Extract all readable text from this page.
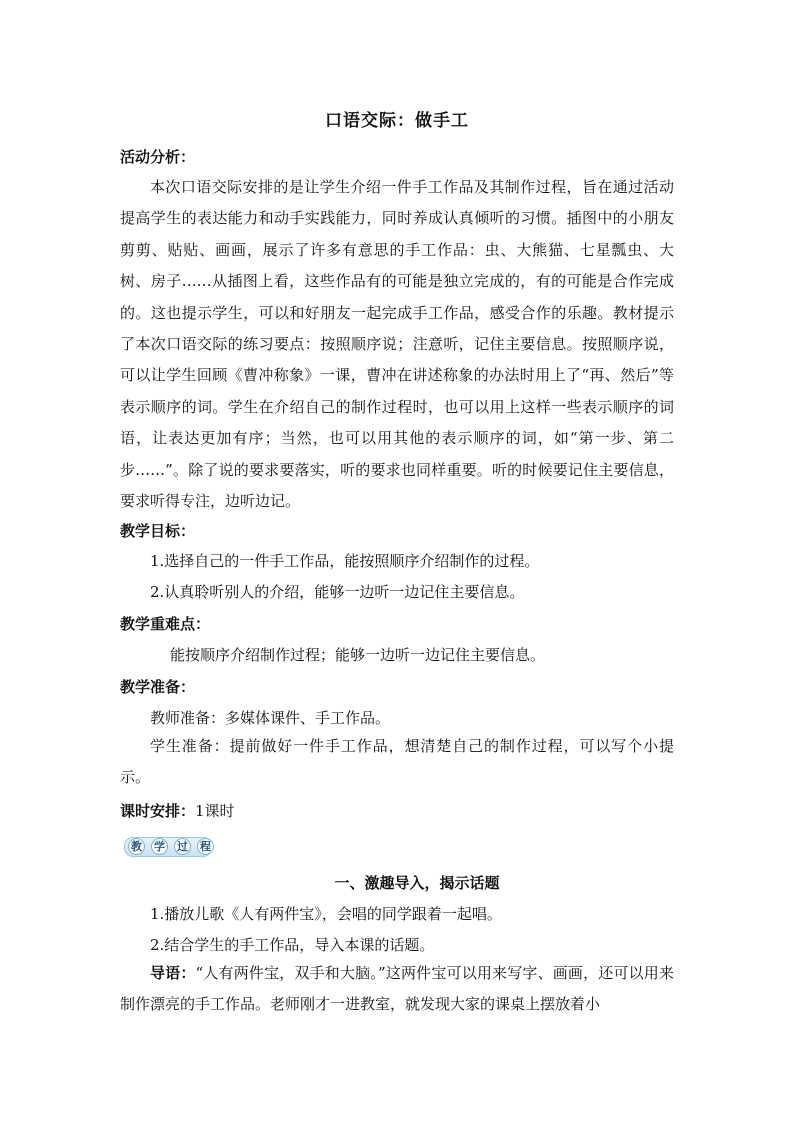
口语交际：做手工
活动分析：

本次口语交际安排的是让学生介绍一件手工作品及其制作过程，旨在通过活动提高学生的表达能力和动手实践能力，同时养成认真倾听的习惯。插图中的小朋友剪剪、贴贴、画画，展示了许多有意思的手工作品：虫、大熊猫、七星瓢虫、大树、房子……从插图上看，这些作品有的可能是独立完成的，有的可能是合作完成的。这也提示学生，可以和好朋友一起完成手工作品，感受合作的乐趣。教材提示了本次口语交际的练习要点：按照顺序说；注意听，记住主要信息。按照顺序说，可以让学生回顾《曹冲称象》一课，曹冲在讲述称象的办法时用上了“再、然后”等表示顺序的词。学生在介绍自己的制作过程时，也可以用上这样一些表示顺序的词语，让表达更加有序；当然，也可以用其他的表示顺序的词，如“第一步、第二步……”。除了说的要求要落实，听的要求也同样重要。听的时候要记住主要信息，要求听得专注，边听边记。

教学目标：
1.选择自己的一件手工作品，能按照顺序介绍制作的过程。
2.认真聆听别人的介绍，能够一边听一边记住主要信息。
教学重难点：
能按顺序介绍制作过程；能够一边听一边记住主要信息。
教学准备：
教师准备：多媒体课件、手工作品。

学生准备：提前做好一件手工作品，想清楚自己的制作过程，可以写个小提示。

课时安排：1课时
教 学 过 程
一、激趣导入，揭示话题
1.播放儿歌《人有两件宝》，会唱的同学跟着一起唱。
2.结合学生的手工作品，导入本课的话题。

导语：“人有两件宝，双手和大脑。”这两件宝可以用来写字、画画，还可以用来制作漂亮的手工作品。老师刚才一进教室，就发现大家的课桌上摆放着小
